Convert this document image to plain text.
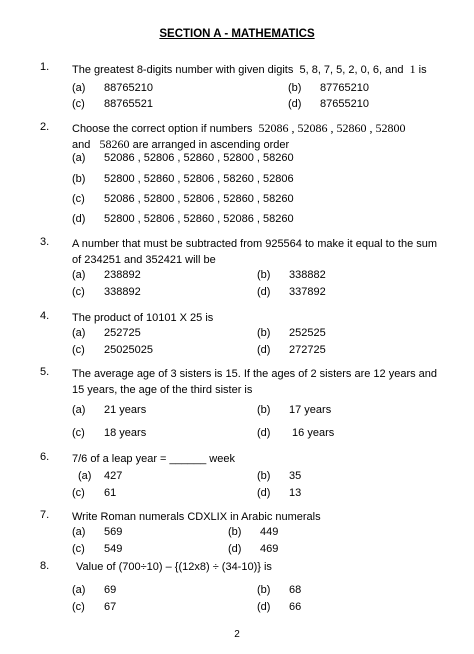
SECTION A - MATHEMATICS
1. The greatest 8-digits number with given digits 5, 8, 7, 5, 2, 0, 6, and 1 is
(a) 88765210	(b) 87765210
(c) 88765521	(d) 87655210
2. Choose the correct option if numbers 52086 , 52086 , 52860 , 52800
and 58260 are arranged in ascending order
(a) 52086 , 52806 , 52860 , 52800 , 58260
(b) 52800 , 52860 , 52806 , 58260 , 52806
(c) 52086 , 52800 , 52806 , 52860 , 58260
(d) 52800 , 52806 , 52860 , 52086 , 58260
3. A number that must be subtracted from 925564 to make it equal to the sum
of 234251 and 352421 will be
(a) 238892	(b) 338882
(c) 338892	(d) 337892
4. The product of 10101 X 25 is
(a) 252725	(b) 252525
(c) 25025025	(d) 272725
5. The average age of 3 sisters is 15. If the ages of 2 sisters are 12 years and
15 years, the age of the third sister is
(a) 21 years	(b) 17 years
(c) 18 years	(d) 16 years
6. 7/6 of a leap year = ______ week
(a) 427	(b) 35
(c) 61	(d) 13
7. Write Roman numerals CDXLIX in Arabic numerals
(a) 569	(b) 449
(c) 549	(d) 469
8. Value of (700÷10) – {(12x8) ÷ (34-10)} is
(a) 69	(b) 68
(c) 67	(d) 66
2
